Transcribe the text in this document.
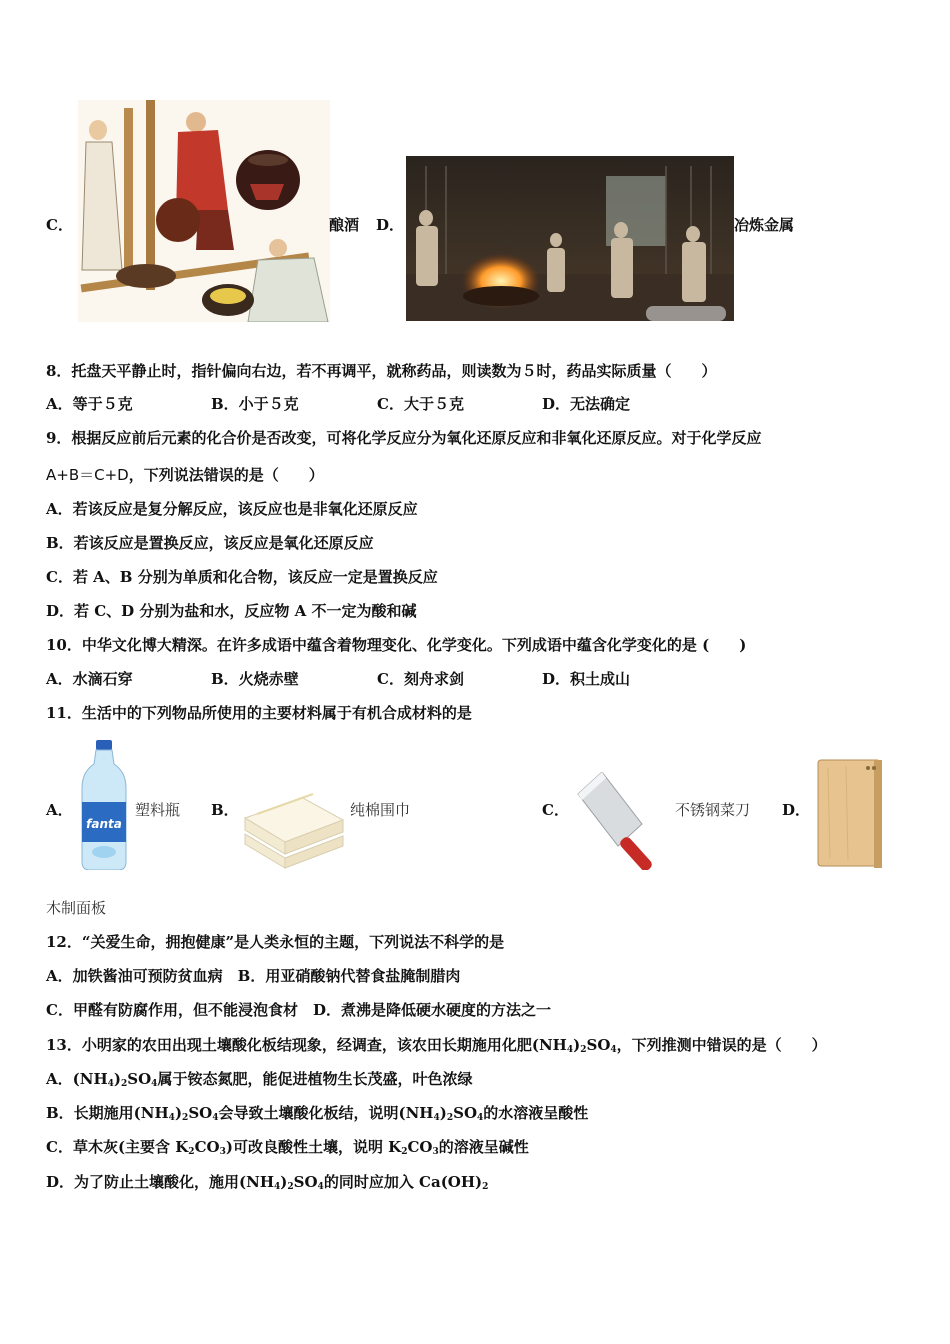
C．	酿酒 D．	冶炼金属
8．托盘天平静止时，指针偏向右边，若不再调平，就称药品，则读数为５时，药品实际质量（　　）
A．等于５克	B．小于５克	C．大于５克	D．无法确定
9．根据反应前后元素的化合价是否改变，可将化学反应分为氧化还原反应和非氧化还原反应。对于化学反应
A+B＝C+D，下列说法错误的是（　　）
A．若该反应是复分解反应，该反应也是非氧化还原反应
B．若该反应是置换反应，该反应是氧化还原反应
C．若 A、B 分别为单质和化合物，该反应一定是置换反应
D．若 C、D 分别为盐和水，反应物 A 不一定为酸和碱
10．中华文化博大精深。在许多成语中蕴含着物理变化、化学变化。下列成语中蕴含化学变化的是 (　　)
A．水滴石穿	B．火烧赤壁	C．刻舟求剑	D．积土成山
11．生活中的下列物品所使用的主要材料属于有机合成材料的是
A．
fanta
塑料瓶 B．	纯棉围巾	C．	不锈钢菜刀 D．
木制面板
12．“关爱生命，拥抱健康”是人类永恒的主题，下列说法不科学的是
A．加铁酱油可预防贫血病　B．用亚硝酸钠代替食盐腌制腊肉
C．甲醛有防腐作用，但不能浸泡食材　D．煮沸是降低硬水硬度的方法之一
13．小明家的农田出现土壤酸化板结现象，经调查，该农田长期施用化肥$(NH_4)_2SO_4$，下列推测中错误的是（　　）
A．$(NH_4)_2SO_4$属于铵态氮肥，能促进植物生长茂盛，叶色浓绿
B．长期施用$(NH_4)_2SO_4$会导致土壤酸化板结，说明$(NH_4)_2SO_4$的水溶液呈酸性
C．草木灰(主要含 $K_2CO_3$)可改良酸性土壤，说明 $K_2CO_3$的溶液呈碱性
D．为了防止土壤酸化，施用$(NH_4)_2SO_4$的同时应加入 $Ca(OH)_2$
